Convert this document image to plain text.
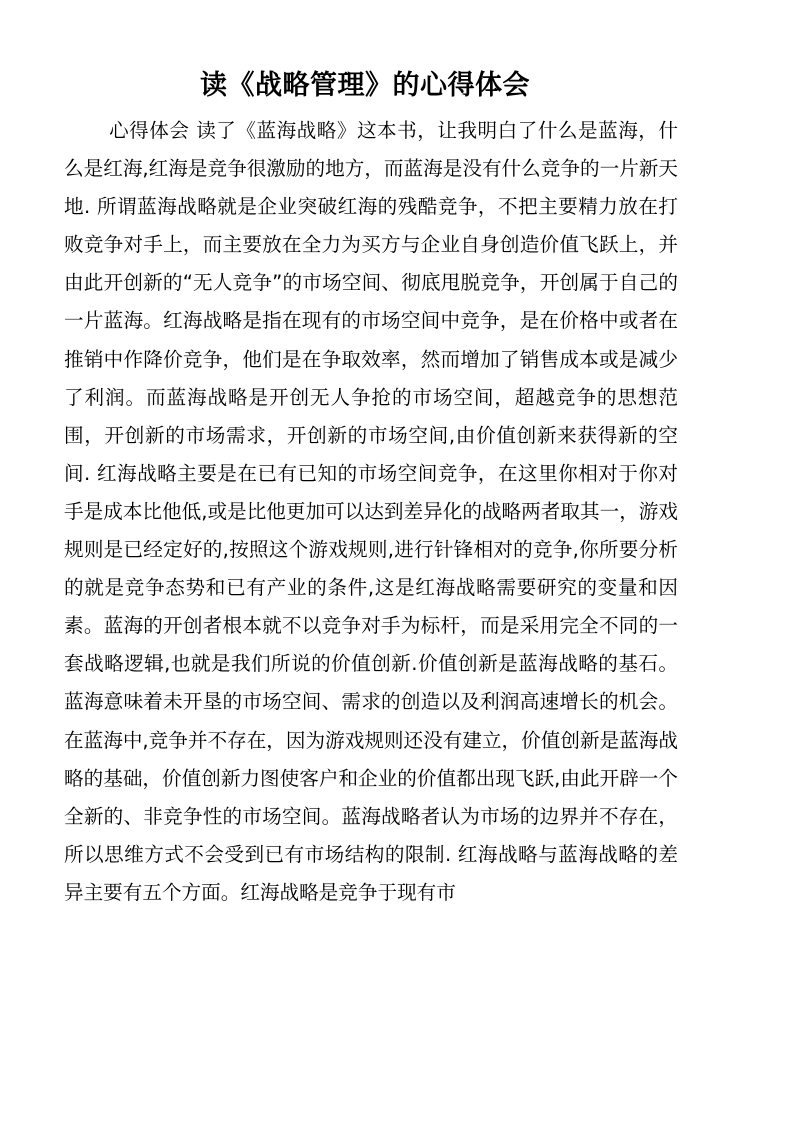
读《战略管理》的心得体会

心得体会 读了《蓝海战略》这本书，让我明白了什么是蓝海，什么是红海,红海是竞争很激励的地方，而蓝海是没有什么竞争的一片新天地. 所谓蓝海战略就是企业突破红海的残酷竞争，不把主要精力放在打败竞争对手上，而主要放在全力为买方与企业自身创造价值飞跃上，并由此开创新的“无人竞争”的市场空间、彻底甩脱竞争，开创属于自己的一片蓝海。红海战略是指在现有的市场空间中竞争，是在价格中或者在推销中作降价竞争，他们是在争取效率，然而增加了销售成本或是减少了利润。而蓝海战略是开创无人争抢的市场空间，超越竞争的思想范围，开创新的市场需求，开创新的市场空间,由价值创新来获得新的空间. 红海战略主要是在已有已知的市场空间竞争，在这里你相对于你对手是成本比他低,或是比他更加可以达到差异化的战略两者取其一，游戏规则是已经定好的,按照这个游戏规则,进行针锋相对的竞争,你所要分析的就是竞争态势和已有产业的条件,这是红海战略需要研究的变量和因素。蓝海的开创者根本就不以竞争对手为标杆，而是采用完全不同的一套战略逻辑,也就是我们所说的价值创新.价值创新是蓝海战略的基石。蓝海意味着未开垦的市场空间、需求的创造以及利润高速增长的机会。在蓝海中,竞争并不存在，因为游戏规则还没有建立，价值创新是蓝海战略的基础，价值创新力图使客户和企业的价值都出现飞跃,由此开辟一个全新的、非竞争性的市场空间。蓝海战略者认为市场的边界并不存在，所以思维方式不会受到已有市场结构的限制. 红海战略与蓝海战略的差异主要有五个方面。红海战略是竞争于现有市
